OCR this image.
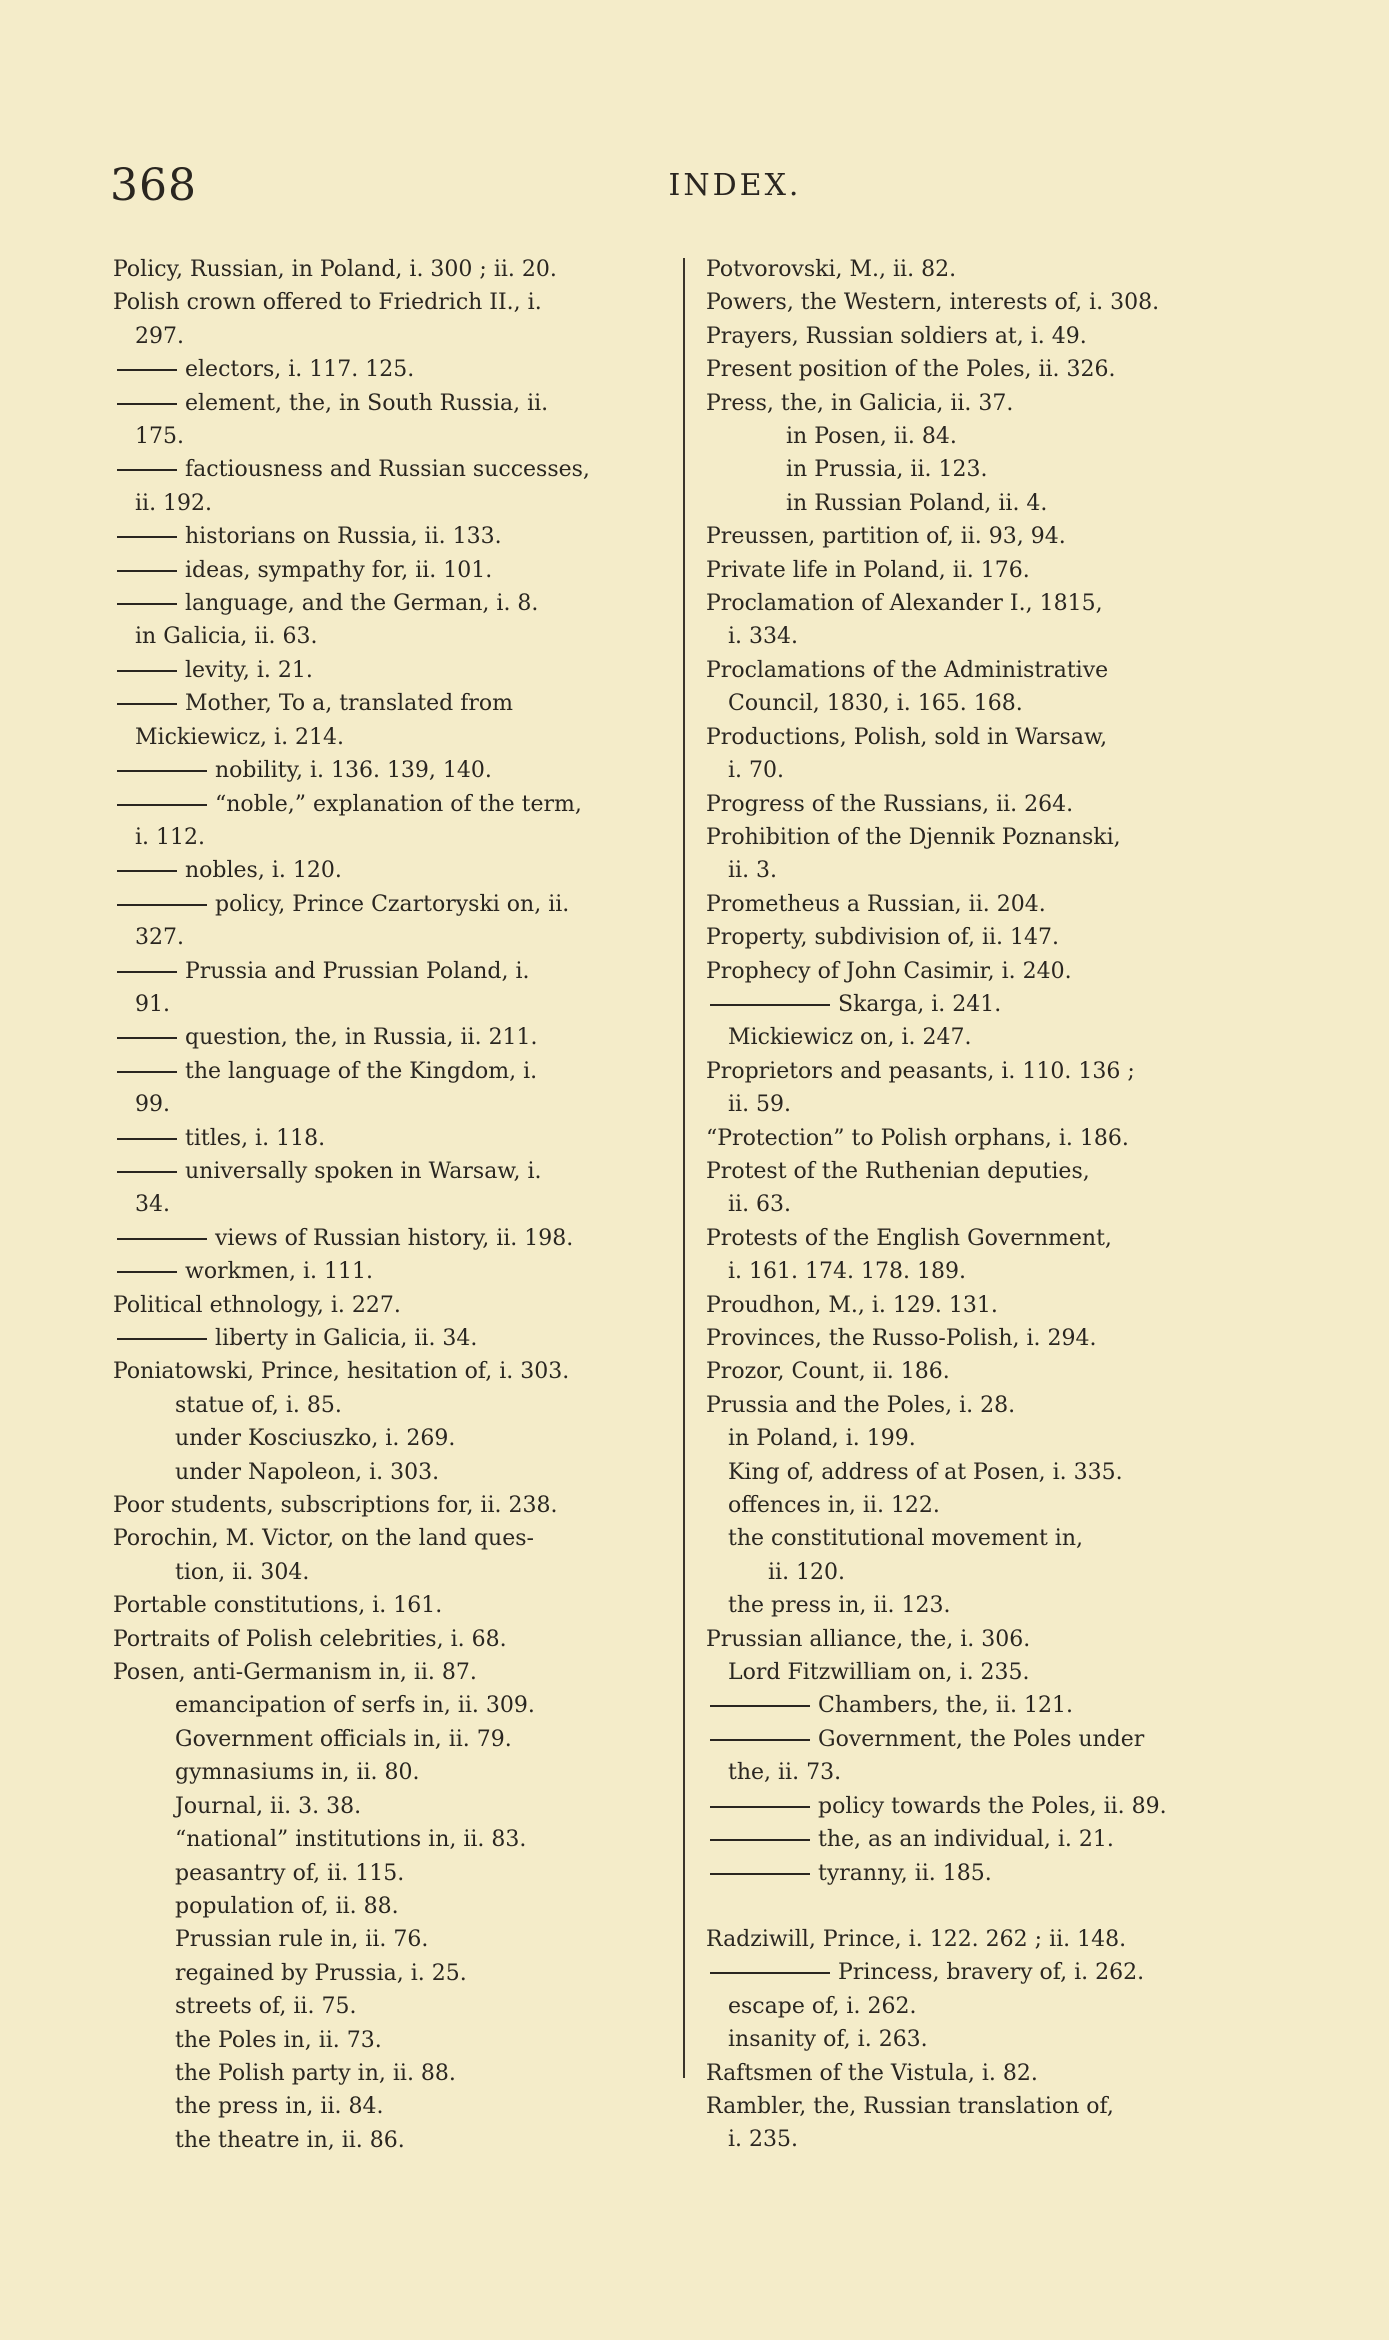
368	INDEX.
Policy, Russian, in Poland, i. 300 ; ii. 20.
Polish crown offered to Friedrich II., i.
297.
electors, i. 117. 125.
element, the, in South Russia, ii.
175.
factiousness and Russian successes,
ii. 192.
historians on Russia, ii. 133.
ideas, sympathy for, ii. 101.
language, and the German, i. 8.
in Galicia, ii. 63.
levity, i. 21.
Mother, To a, translated from
Mickiewicz, i. 214.
nobility, i. 136. 139, 140.
“noble,” explanation of the term,
i. 112.
nobles, i. 120.
policy, Prince Czartoryski on, ii.
327.
Prussia and Prussian Poland, i.
91.
question, the, in Russia, ii. 211.
the language of the Kingdom, i.
99.
titles, i. 118.
universally spoken in Warsaw, i.
34.
views of Russian history, ii. 198.
workmen, i. 111.
Political ethnology, i. 227.
liberty in Galicia, ii. 34.
Poniatowski, Prince, hesitation of, i. 303.
statue of, i. 85.
under Kosciuszko, i. 269.
under Napoleon, i. 303.
Poor students, subscriptions for, ii. 238.
Porochin, M. Victor, on the land ques-
tion, ii. 304.
Portable constitutions, i. 161.
Portraits of Polish celebrities, i. 68.
Posen, anti-Germanism in, ii. 87.
emancipation of serfs in, ii. 309.
Government officials in, ii. 79.
gymnasiums in, ii. 80.
Journal, ii. 3. 38.
“national” institutions in, ii. 83.
peasantry of, ii. 115.
population of, ii. 88.
Prussian rule in, ii. 76.
regained by Prussia, i. 25.
streets of, ii. 75.
the Poles in, ii. 73.
the Polish party in, ii. 88.
the press in, ii. 84.
the theatre in, ii. 86.
Potvorovski, M., ii. 82.
Powers, the Western, interests of, i. 308.
Prayers, Russian soldiers at, i. 49.
Present position of the Poles, ii. 326.
Press, the, in Galicia, ii. 37.
in Posen, ii. 84.
in Prussia, ii. 123.
in Russian Poland, ii. 4.
Preussen, partition of, ii. 93, 94.
Private life in Poland, ii. 176.
Proclamation of Alexander I., 1815,
i. 334.
Proclamations of the Administrative
Council, 1830, i. 165. 168.
Productions, Polish, sold in Warsaw,
i. 70.
Progress of the Russians, ii. 264.
Prohibition of the Djennik Poznanski,
ii. 3.
Prometheus a Russian, ii. 204.
Property, subdivision of, ii. 147.
Prophecy of John Casimir, i. 240.
Skarga, i. 241.
Mickiewicz on, i. 247.
Proprietors and peasants, i. 110. 136 ;
ii. 59.
“Protection” to Polish orphans, i. 186.
Protest of the Ruthenian deputies,
ii. 63.
Protests of the English Government,
i. 161. 174. 178. 189.
Proudhon, M., i. 129. 131.
Provinces, the Russo-Polish, i. 294.
Prozor, Count, ii. 186.
Prussia and the Poles, i. 28.
in Poland, i. 199.
King of, address of at Posen, i. 335.
offences in, ii. 122.
the constitutional movement in,
ii. 120.
the press in, ii. 123.
Prussian alliance, the, i. 306.
Lord Fitzwilliam on, i. 235.
Chambers, the, ii. 121.
Government, the Poles under
the, ii. 73.
policy towards the Poles, ii. 89.
the, as an individual, i. 21.
tyranny, ii. 185.
Radziwill, Prince, i. 122. 262 ; ii. 148.
Princess, bravery of, i. 262.
escape of, i. 262.
insanity of, i. 263.
Raftsmen of the Vistula, i. 82.
Rambler, the, Russian translation of,
i. 235.
